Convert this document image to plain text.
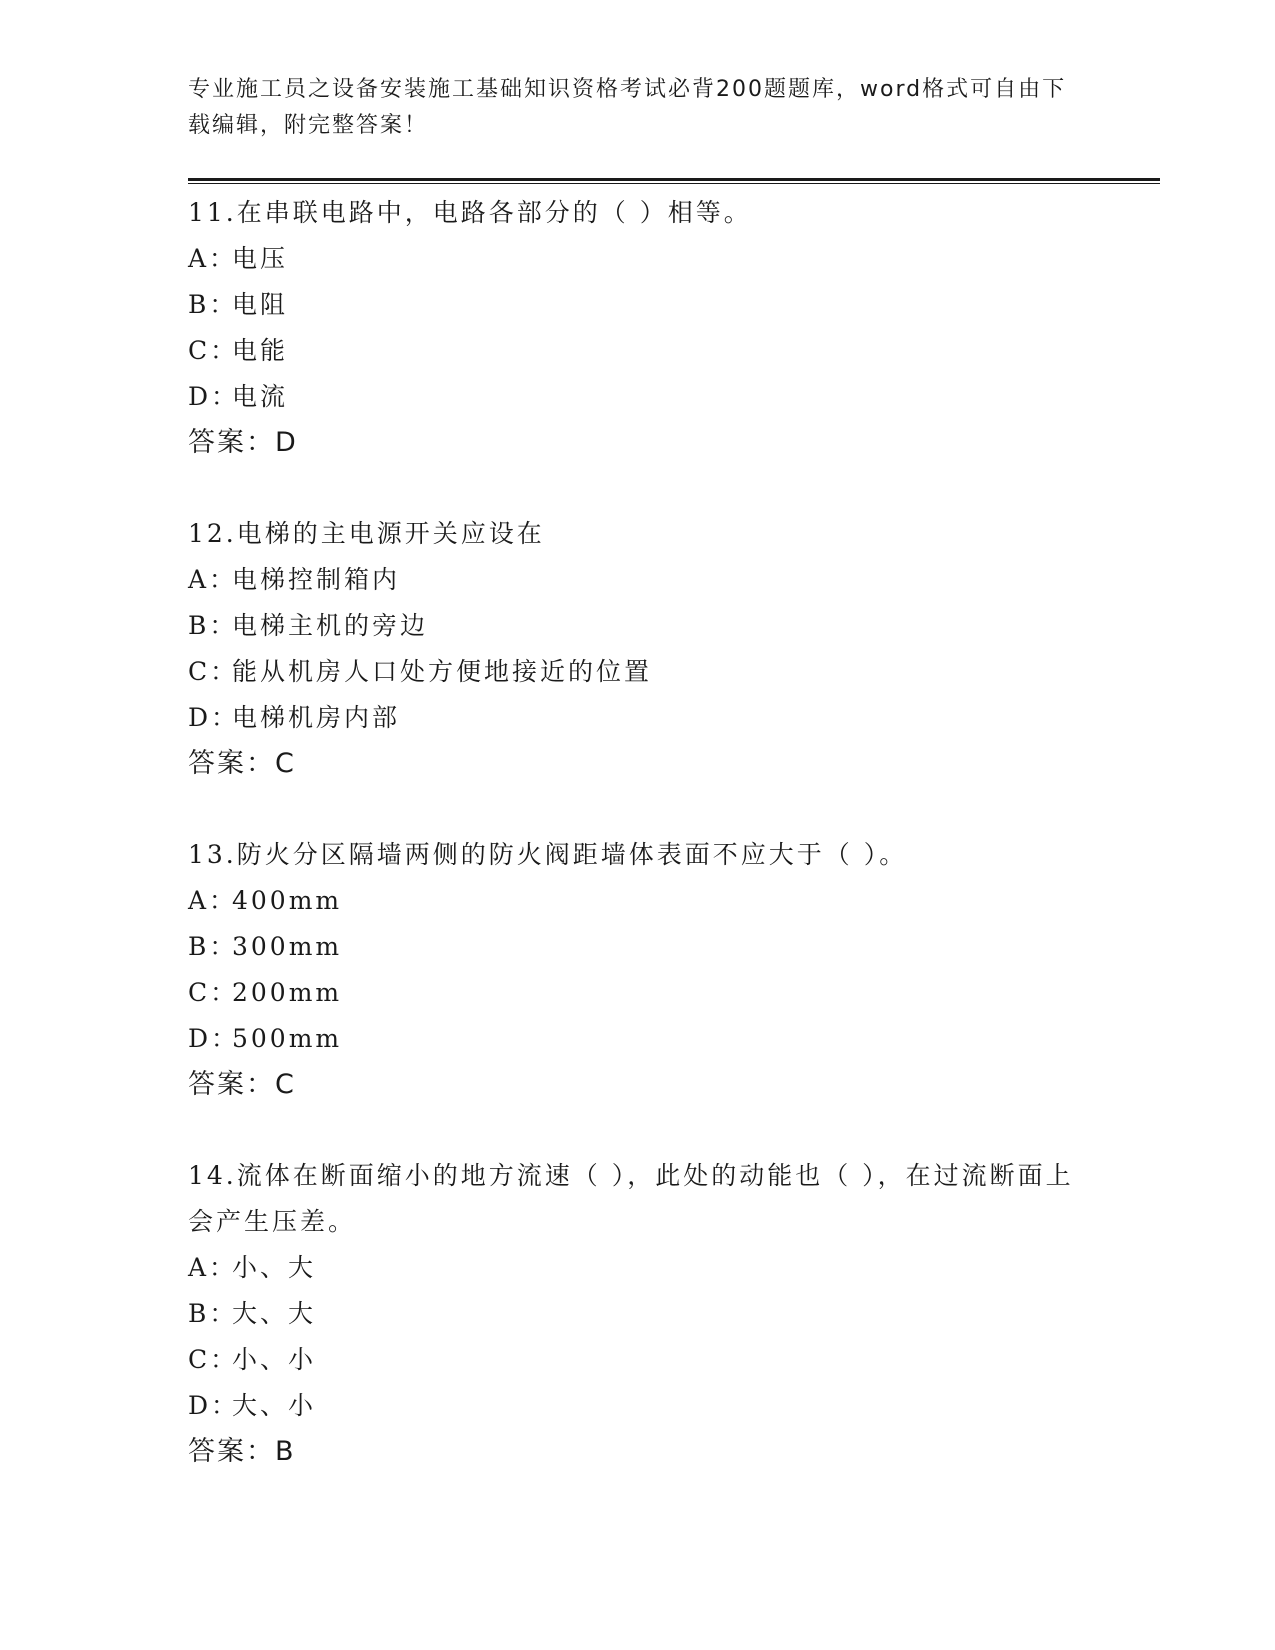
专业施工员之设备安装施工基础知识资格考试必背200题题库，word格式可自由下载编辑，附完整答案！

11.在串联电路中，电路各部分的（ ）相等。

A：电压

B：电阻

C：电能

D：电流

答案：D

12.电梯的主电源开关应设在

A：电梯控制箱内

B：电梯主机的旁边

C：能从机房人口处方便地接近的位置

D：电梯机房内部

答案：C

13.防火分区隔墙两侧的防火阀距墙体表面不应大于（ ）。

A：400mm

B：300mm

C：200mm

D：500mm

答案：C

14.流体在断面缩小的地方流速（ ），此处的动能也（ ），在过流断面上会产生压差。

A：小、大

B：大、大

C：小、小

D：大、小

答案：B
